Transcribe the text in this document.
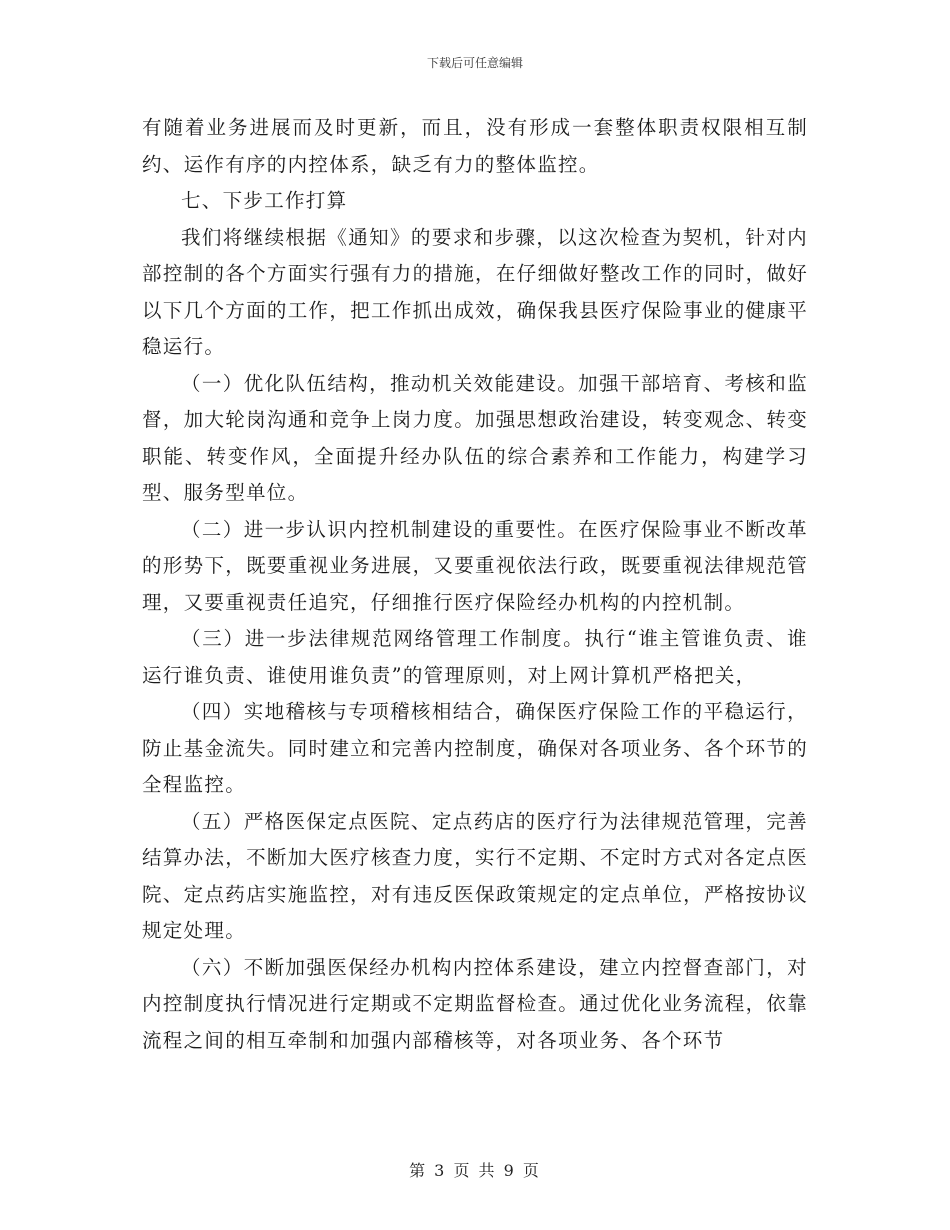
下载后可任意编辑

有随着业务进展而及时更新，而且，没有形成一套整体职责权限相互制约、运作有序的内控体系，缺乏有力的整体监控。

七、下步工作打算

我们将继续根据《通知》的要求和步骤，以这次检查为契机，针对内部控制的各个方面实行强有力的措施，在仔细做好整改工作的同时，做好以下几个方面的工作，把工作抓出成效，确保我县医疗保险事业的健康平稳运行。

（一）优化队伍结构，推动机关效能建设。加强干部培育、考核和监督，加大轮岗沟通和竞争上岗力度。加强思想政治建设，转变观念、转变职能、转变作风，全面提升经办队伍的综合素养和工作能力，构建学习型、服务型单位。

（二）进一步认识内控机制建设的重要性。在医疗保险事业不断改革的形势下，既要重视业务进展，又要重视依法行政，既要重视法律规范管理，又要重视责任追究，仔细推行医疗保险经办机构的内控机制。

（三）进一步法律规范网络管理工作制度。执行“谁主管谁负责、谁运行谁负责、谁使用谁负责”的管理原则，对上网计算机严格把关，

（四）实地稽核与专项稽核相结合，确保医疗保险工作的平稳运行，防止基金流失。同时建立和完善内控制度，确保对各项业务、各个环节的全程监控。

（五）严格医保定点医院、定点药店的医疗行为法律规范管理，完善结算办法，不断加大医疗核查力度，实行不定期、不定时方式对各定点医院、定点药店实施监控，对有违反医保政策规定的定点单位，严格按协议规定处理。

（六）不断加强医保经办机构内控体系建设，建立内控督查部门，对内控制度执行情况进行定期或不定期监督检查。通过优化业务流程，依靠流程之间的相互牵制和加强内部稽核等，对各项业务、各个环节

第 3 页 共 9 页
